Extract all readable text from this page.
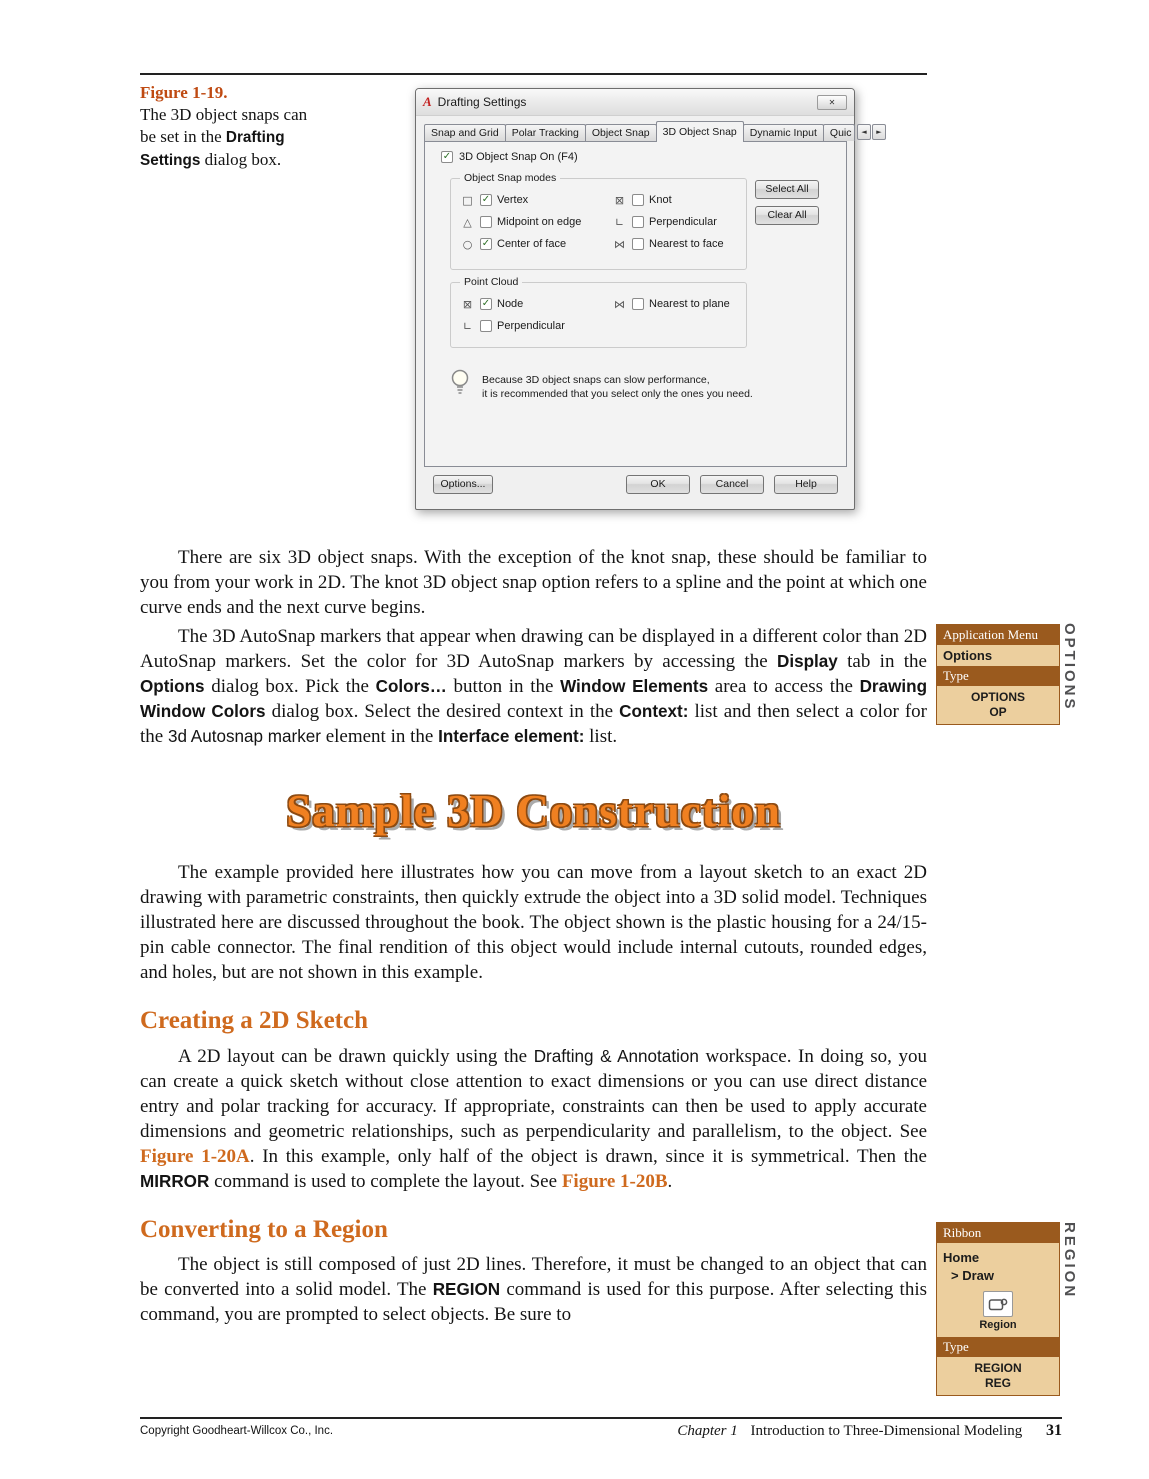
Figure 1-19.
The 3D object snaps can be set in the Drafting Settings dialog box.
A Drafting Settings	✕
Snap and Grid	Polar Tracking	Object Snap	3D Object Snap	Dynamic Input	Quic	◄ ►
✓ 3D Object Snap On (F4)
Object Snap modes
□ ✓ Vertex	⊠ Knot
△ Midpoint on edge	∟ Perpendicular
○ ✓ Center of face	⋈ Nearest to face
Select All
Clear All
Point Cloud
⊠ ✓ Node	⋈ Nearest to plane
∟ Perpendicular
Because 3D object snaps can slow performance,
it is recommended that you select only the ones you need.
Options...	OK	Cancel	Help

There are six 3D object snaps. With the exception of the knot snap, these should be familiar to you from your work in 2D. The knot 3D object snap option refers to a spline and the point at which one curve ends and the next curve begins.

The 3D AutoSnap markers that appear when drawing can be displayed in a different color than 2D AutoSnap markers. Set the color for 3D AutoSnap markers by accessing the Display tab in the Options dialog box. Pick the Colors… button in the Window Elements area to access the Drawing Window Colors dialog box. Select the desired context in the Context: list and then select a color for the 3d Autosnap marker element in the Interface element: list.

Sample 3D Construction

The example provided here illustrates how you can move from a layout sketch to an exact 2D drawing with parametric constraints, then quickly extrude the object into a 3D solid model. Techniques illustrated here are discussed throughout the book. The object shown is the plastic housing for a 24/15-pin cable connector. The final rendition of this object would include internal cutouts, rounded edges, and holes, but are not shown in this example.

Creating a 2D Sketch

A 2D layout can be drawn quickly using the Drafting & Annotation workspace. In doing so, you can create a quick sketch without close attention to exact dimensions or you can use direct distance entry and polar tracking for accuracy. If appropriate, constraints can then be used to apply accurate dimensions and geometric relationships, such as perpendicularity and parallelism, to the object. See Figure 1-20A. In this example, only half of the object is drawn, since it is symmetrical. Then the MIRROR command is used to complete the layout. See Figure 1-20B.

Converting to a Region

The object is still composed of just 2D lines. Therefore, it must be changed to an object that can be converted into a solid model. The REGION command is used for this purpose. After selecting this command, you are prompted to select objects. Be sure to

Application Menu
Options
Type
OPTIONS
OP
OPTIONS
Ribbon
Home
> Draw
Region
Type
REGION
REG
REGION
Copyright Goodheart-Willcox Co., Inc.	Chapter 1 Introduction to Three-Dimensional Modeling 31
